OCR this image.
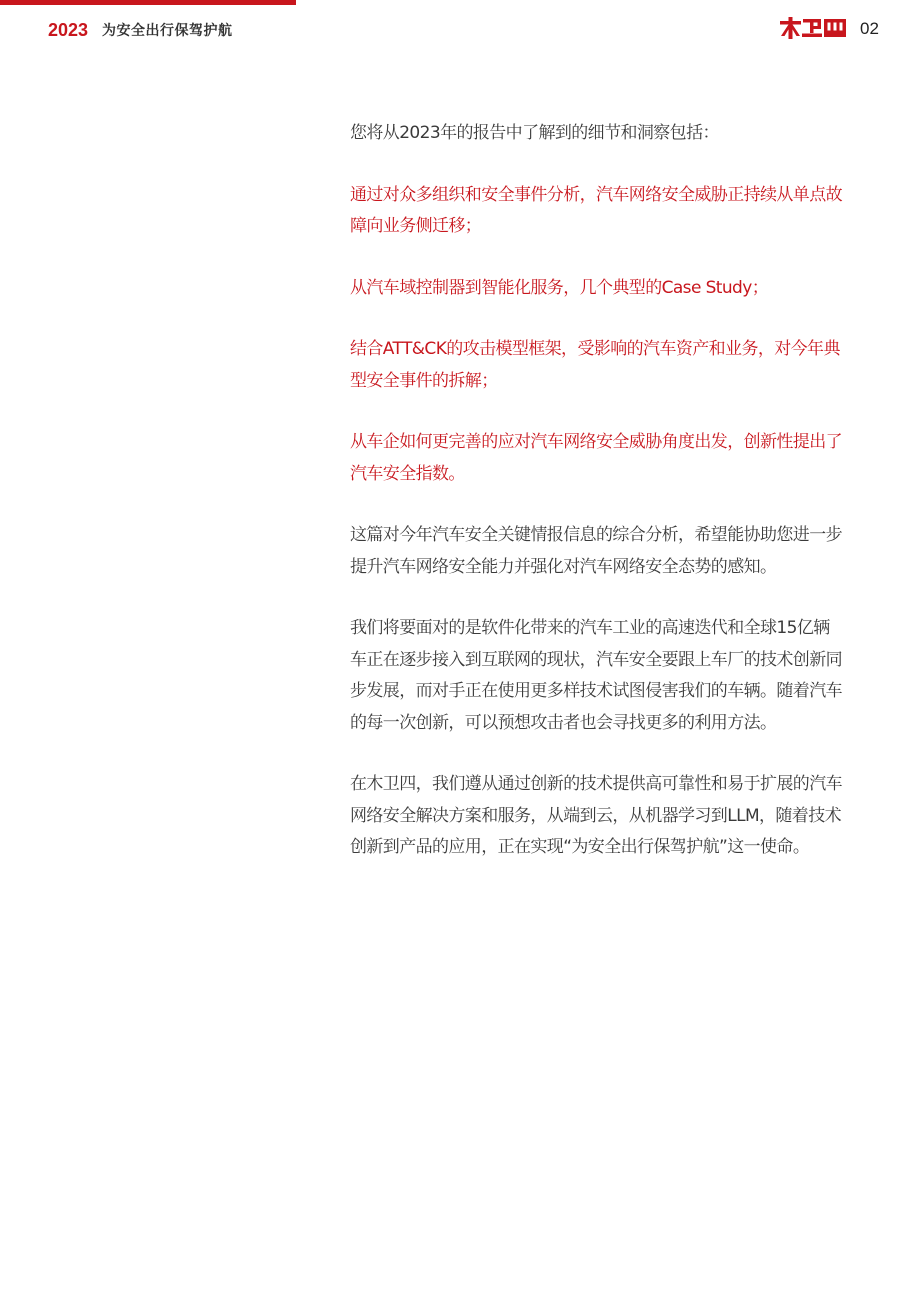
2023 为安全出行保驾护航	02

您将从2023年的报告中了解到的细节和洞察包括：

通过对众多组织和安全事件分析，汽车网络安全威胁正持续从单点故障向业务侧迁移；

从汽车域控制器到智能化服务，几个典型的Case Study；

结合ATT&CK的攻击模型框架，受影响的汽车资产和业务，对今年典型安全事件的拆解；

从车企如何更完善的应对汽车网络安全威胁角度出发，创新性提出了汽车安全指数。

这篇对今年汽车安全关键情报信息的综合分析，希望能协助您进一步提升汽车网络安全能力并强化对汽车网络安全态势的感知。

我们将要面对的是软件化带来的汽车工业的高速迭代和全球15亿辆车正在逐步接入到互联网的现状，汽车安全要跟上车厂的技术创新同步发展，而对手正在使用更多样技术试图侵害我们的车辆。随着汽车的每一次创新，可以预想攻击者也会寻找更多的利用方法。

在木卫四，我们遵从通过创新的技术提供高可靠性和易于扩展的汽车网络安全解决方案和服务，从端到云，从机器学习到LLM，随着技术创新到产品的应用，正在实现“为安全出行保驾护航”这一使命。
